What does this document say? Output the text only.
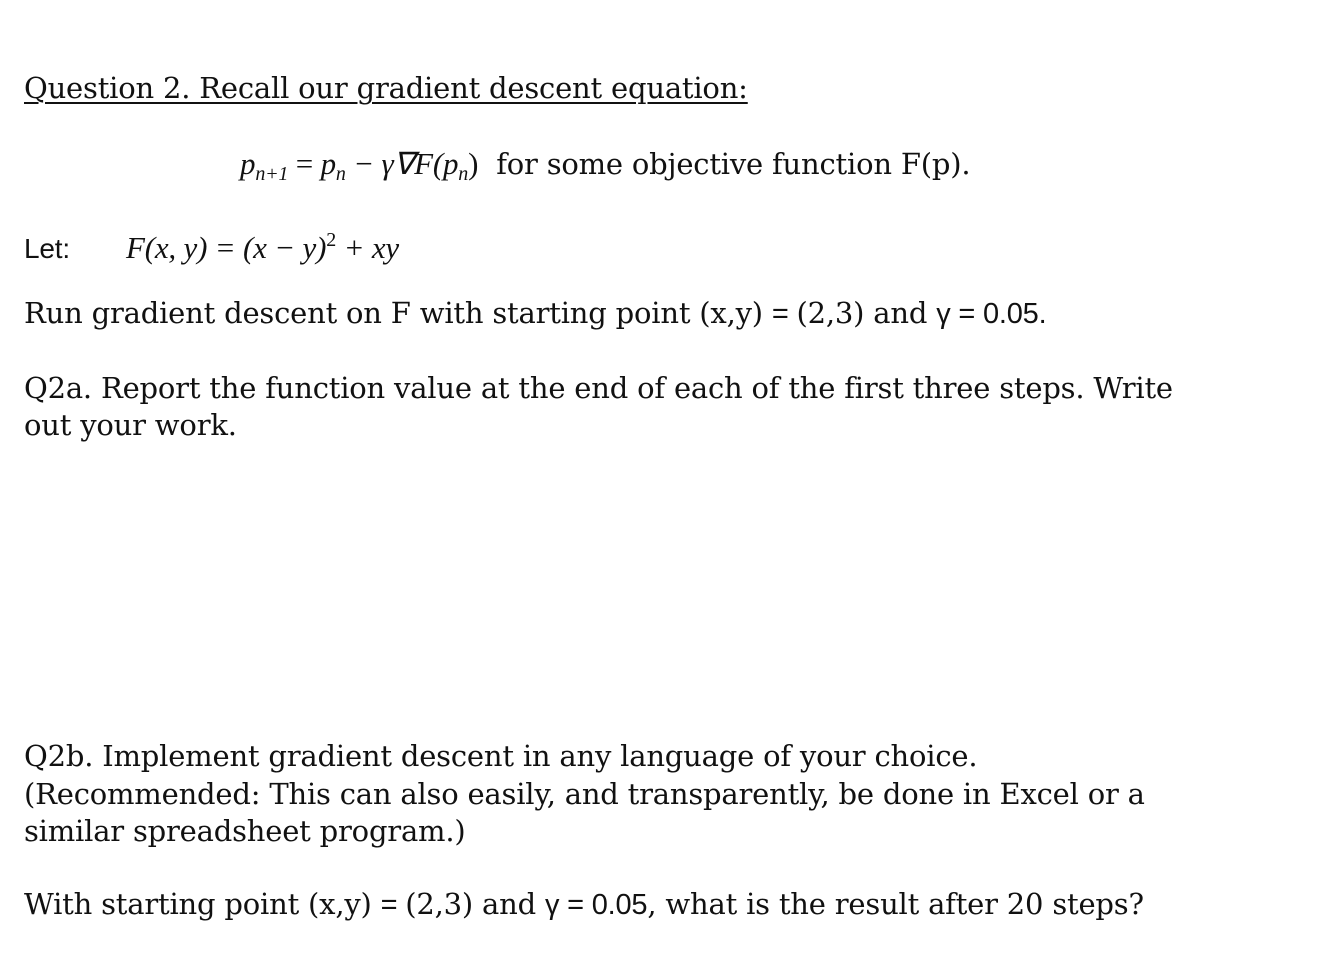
Question 2. Recall our gradient descent equation:
$p_{n+1} = p_n - \gamma\nabla F(p_n)$ for some objective function F(p).
Let: F(x, $y) = (x - y)^2$ + xy
Run gradient descent on F with starting point (x,y) = (2,3) and γ = 0.05.
Q2a. Report the function value at the end of each of the first three steps. Write
out your work.
Q2b. Implement gradient descent in any language of your choice.
(Recommended: This can also easily, and transparently, be done in Excel or a
similar spreadsheet program.)
With starting point (x,y) = (2,3) and γ = 0.05, what is the result after 20 steps?
